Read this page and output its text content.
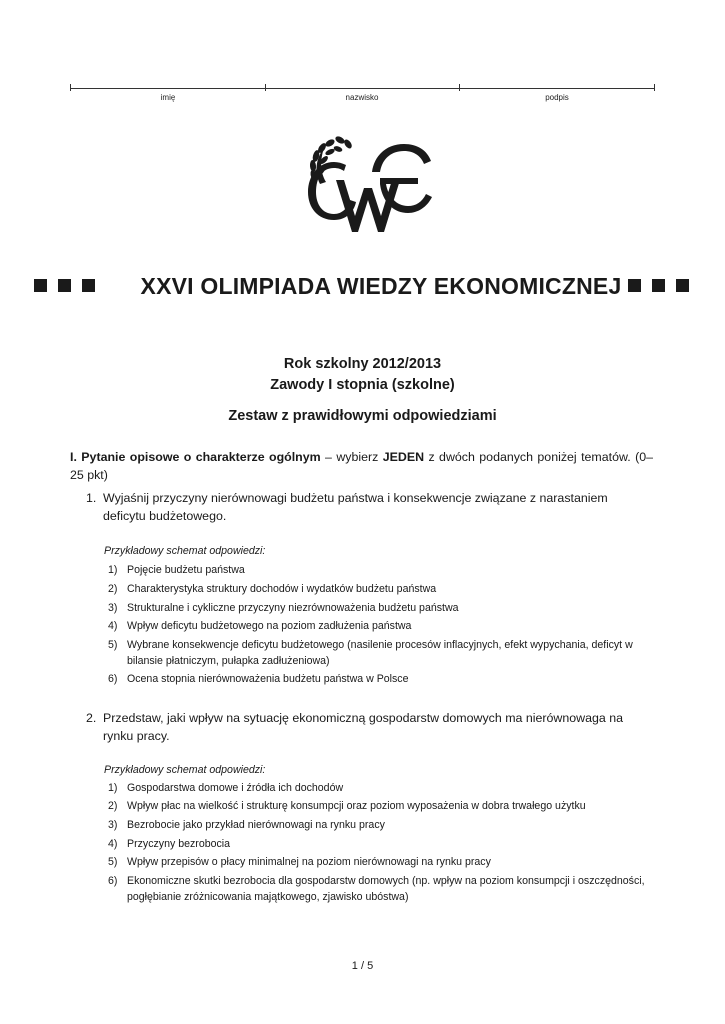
imię	nazwisko	podpis
XXVI OLIMPIADA WIEDZY EKONOMICZNEJ
Rok szkolny 2012/2013
Zawody I stopnia (szkolne)
Zestaw z prawidłowymi odpowiedziami
I. Pytanie opisowe o charakterze ogólnym – wybierz JEDEN z dwóch podanych poniżej tematów. (0–25 pkt)
1. Wyjaśnij przyczyny nierównowagi budżetu państwa i konsekwencje związane z narastaniem deficytu budżetowego.
Przykładowy schemat odpowiedzi:
1) Pojęcie budżetu państwa
2) Charakterystyka struktury dochodów i wydatków budżetu państwa
3) Strukturalne i cykliczne przyczyny niezrównoważenia budżetu państwa
4) Wpływ deficytu budżetowego na poziom zadłużenia państwa
5) Wybrane konsekwencje deficytu budżetowego (nasilenie procesów inflacyjnych, efekt wypychania, deficyt w bilansie płatniczym, pułapka zadłużeniowa)
6) Ocena stopnia nierównoważenia budżetu państwa w Polsce
2. Przedstaw, jaki wpływ na sytuację ekonomiczną gospodarstw domowych ma nierównowaga na rynku pracy.
Przykładowy schemat odpowiedzi:
1) Gospodarstwa domowe i źródła ich dochodów
2) Wpływ płac na wielkość i strukturę konsumpcji oraz poziom wyposażenia w dobra trwałego użytku
3) Bezrobocie jako przykład nierównowagi na rynku pracy
4) Przyczyny bezrobocia
5) Wpływ przepisów o płacy minimalnej na poziom nierównowagi na rynku pracy
6) Ekonomiczne skutki bezrobocia dla gospodarstw domowych (np. wpływ na poziom konsumpcji i oszczędności, pogłębianie zróżnicowania majątkowego, zjawisko ubóstwa)
1 / 5
